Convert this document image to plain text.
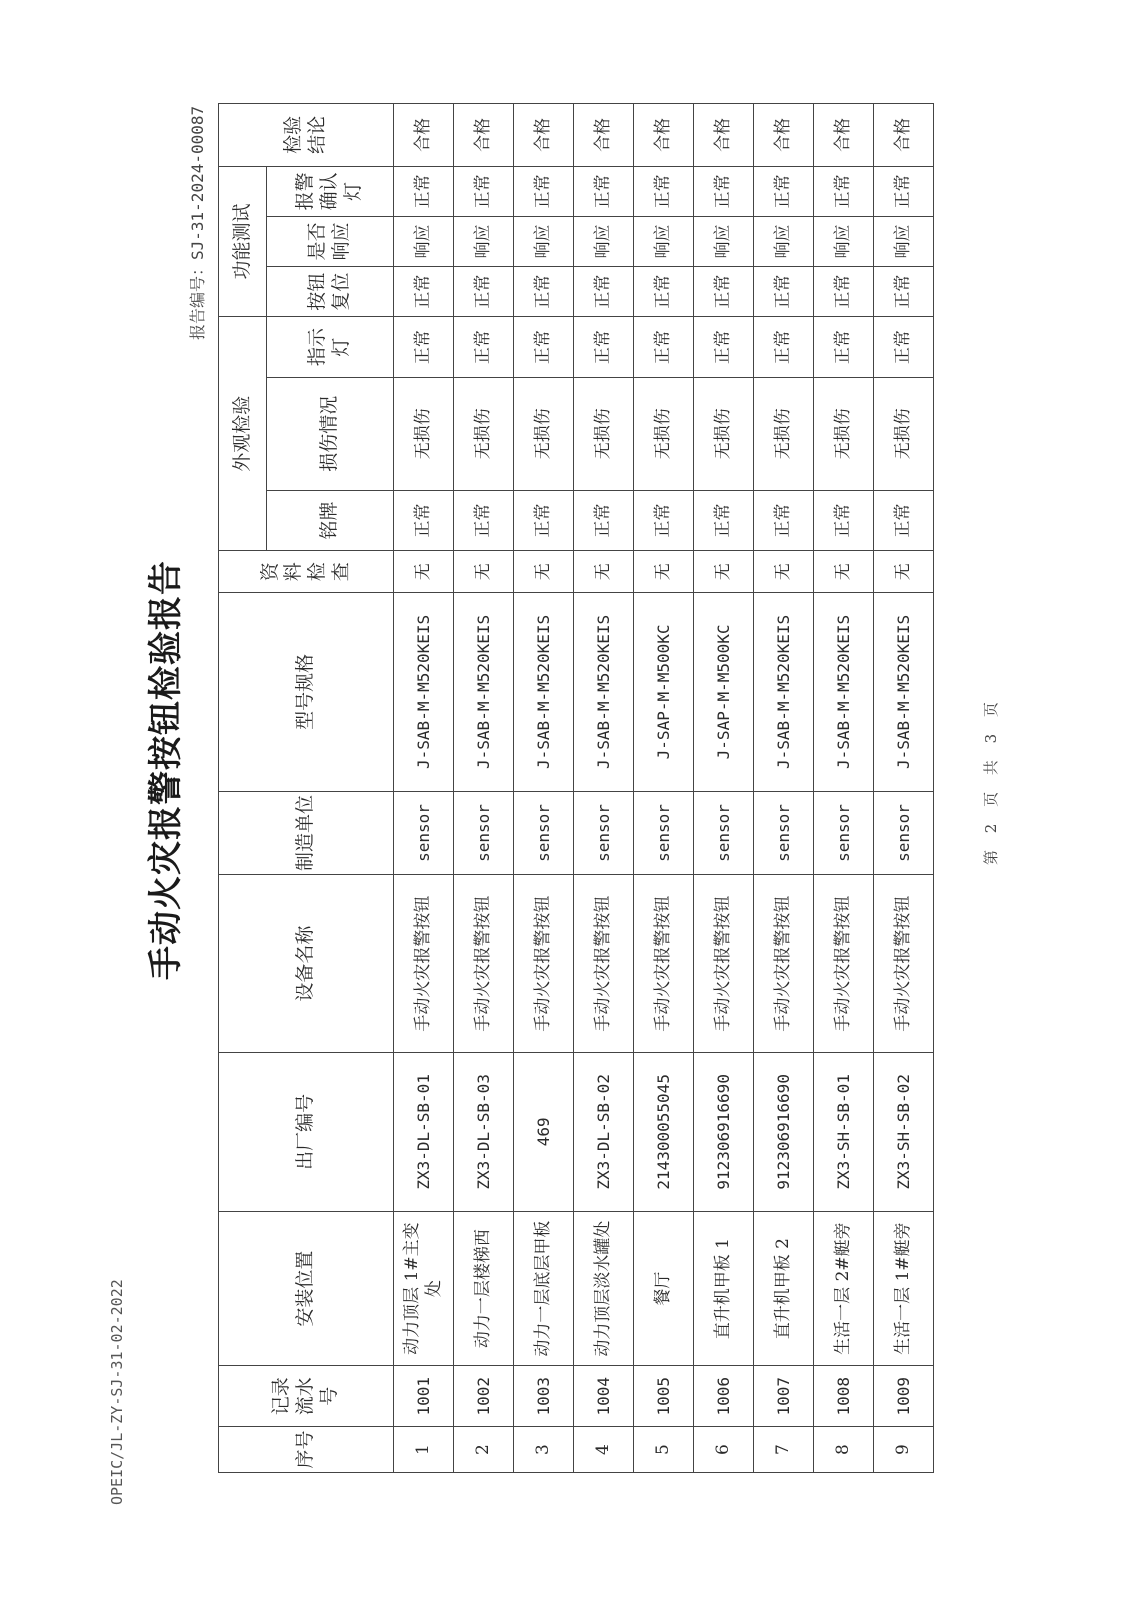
OPEIC/JL-ZY-SJ-31-02-2022
手动火灾报警按钮检验报告
报告编号：SJ-31-2024-00087
序号	记录流水号	安装位置	出厂编号	设备名称	制造单位	型号规格	资料检查	外观检验			功能测试			检验结论
								铭牌	损伤情况	指示灯	按钮复位	是否响应	报警确认灯	
1	1001	动力顶层 1#主变处	ZX3-DL-SB-01	手动火灾报警按钮	sensor	J-SAB-M-M520KEIS	无	正常	无损伤	正常	正常	响应	正常	合格
2	1002	动力一层楼梯西	ZX3-DL-SB-03	手动火灾报警按钮	sensor	J-SAB-M-M520KEIS	无	正常	无损伤	正常	正常	响应	正常	合格
3	1003	动力一层底层甲板	469	手动火灾报警按钮	sensor	J-SAB-M-M520KEIS	无	正常	无损伤	正常	正常	响应	正常	合格
4	1004	动力顶层淡水罐处	ZX3-DL-SB-02	手动火灾报警按钮	sensor	J-SAB-M-M520KEIS	无	正常	无损伤	正常	正常	响应	正常	合格
5	1005	餐厅	214300055045	手动火灾报警按钮	sensor	J-SAP-M-M500KC	无	正常	无损伤	正常	正常	响应	正常	合格
6	1006	直升机甲板 1	912306916690	手动火灾报警按钮	sensor	J-SAP-M-M500KC	无	正常	无损伤	正常	正常	响应	正常	合格
7	1007	直升机甲板 2	912306916690	手动火灾报警按钮	sensor	J-SAB-M-M520KEIS	无	正常	无损伤	正常	正常	响应	正常	合格
8	1008	生活一层 2#艇旁	ZX3-SH-SB-01	手动火灾报警按钮	sensor	J-SAB-M-M520KEIS	无	正常	无损伤	正常	正常	响应	正常	合格
9	1009	生活一层 1#艇旁	ZX3-SH-SB-02	手动火灾报警按钮	sensor	J-SAB-M-M520KEIS	无	正常	无损伤	正常	正常	响应	正常	合格
第 2 页 共 3 页
